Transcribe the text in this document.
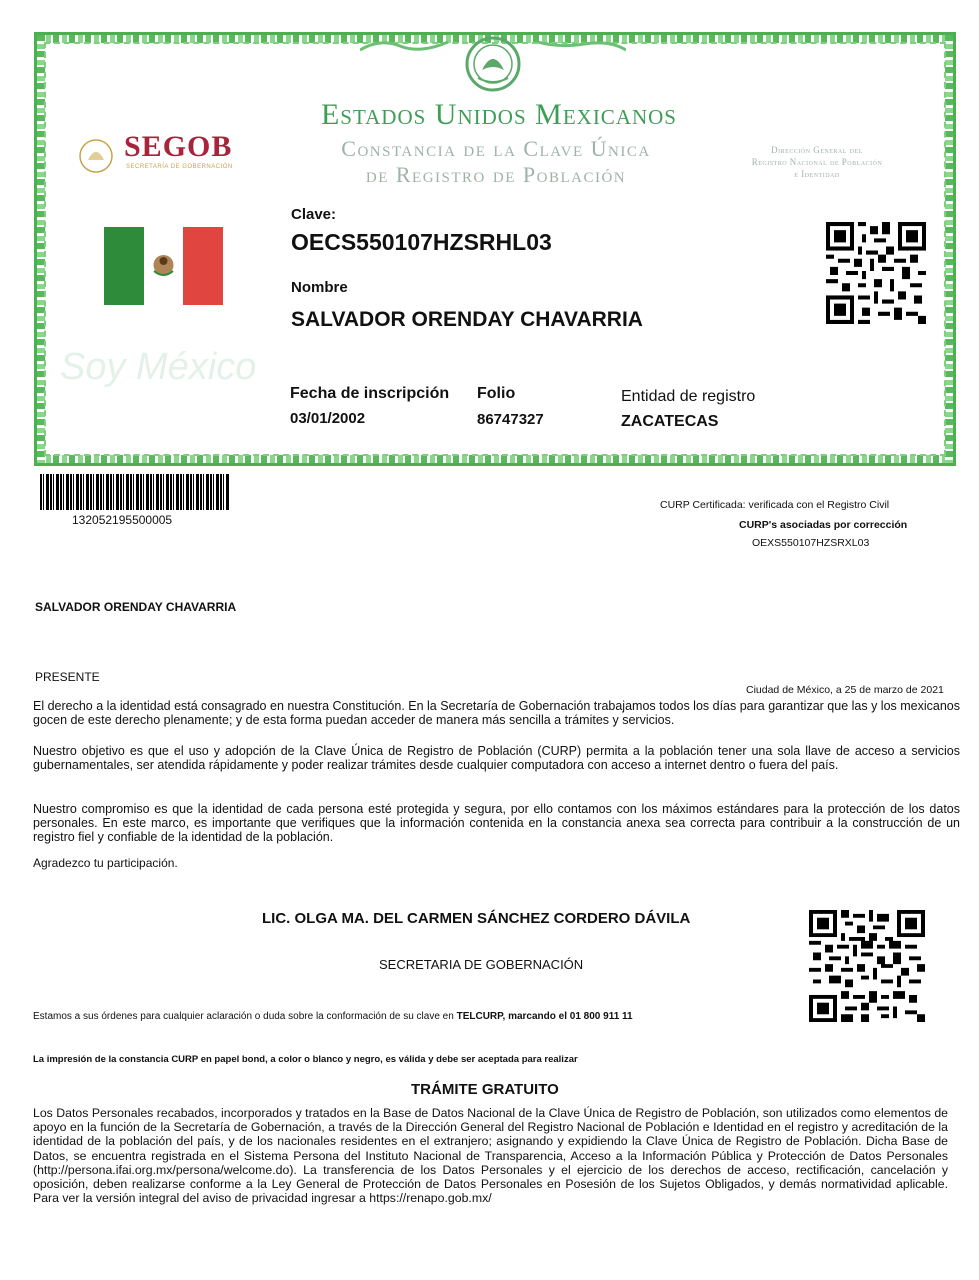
Estados Unidos Mexicanos
Constancia de la Clave Única
de Registro de Población
Dirección General del
Registro Nacional de Población
e Identidad
SEGOB
SECRETARÍA DE GOBERNACIÓN
Soy México
Clave:
OECS550107HZSRHL03
Nombre
SALVADOR ORENDAY CHAVARRIA
Fecha de inscripción
03/01/2002
Folio
86747327
Entidad de registro
ZACATECAS
132052195500005
CURP Certificada: verificada con el Registro Civil
CURP's asociadas por corrección
OEXS550107HZSRXL03
SALVADOR ORENDAY CHAVARRIA
PRESENTE
Ciudad de México, a 25 de marzo de 2021
El derecho a la identidad está consagrado en nuestra Constitución. En la Secretaría de Gobernación trabajamos todos los días para garantizar que las y los mexicanos gocen de este derecho plenamente; y de esta forma puedan acceder de manera más sencilla a trámites y servicios.
Nuestro objetivo es que el uso y adopción de la Clave Única de Registro de Población (CURP) permita a la población tener una sola llave de acceso a servicios gubernamentales, ser atendida rápidamente y poder realizar trámites desde cualquier computadora con acceso a internet dentro o fuera del país.
Nuestro compromiso es que la identidad de cada persona esté protegida y segura, por ello contamos con los máximos estándares para la protección de los datos personales. En este marco, es importante que verifiques que la información contenida en la constancia anexa sea correcta para contribuir a la construcción de un registro fiel y confiable de la identidad de la población.
Agradezco tu participación.
LIC. OLGA MA. DEL CARMEN SÁNCHEZ CORDERO DÁVILA
SECRETARIA DE GOBERNACIÓN
Estamos a sus órdenes para cualquier aclaración o duda sobre la conformación de su clave en TELCURP, marcando el 01 800 911 11
La impresión de la constancia CURP en papel bond, a color o blanco y negro, es válida y debe ser aceptada para realizar
TRÁMITE GRATUITO
Los Datos Personales recabados, incorporados y tratados en la Base de Datos Nacional de la Clave Única de Registro de Población, son utilizados como elementos de apoyo en la función de la Secretaría de Gobernación, a través de la Dirección General del Registro Nacional de Población e Identidad en el registro y acreditación de la identidad de la población del país, y de los nacionales residentes en el extranjero; asignando y expidiendo la Clave Única de Registro de Población. Dicha Base de Datos, se encuentra registrada en el Sistema Persona del Instituto Nacional de Transparencia, Acceso a la Información Pública y Protección de Datos Personales (http://persona.ifai.org.mx/persona/welcome.do). La transferencia de los Datos Personales y el ejercicio de los derechos de acceso, rectificación, cancelación y oposición, deben realizarse conforme a la Ley General de Protección de Datos Personales en Posesión de los Sujetos Obligados, y demás normatividad aplicable. Para ver la versión integral del aviso de privacidad ingresar a https://renapo.gob.mx/
